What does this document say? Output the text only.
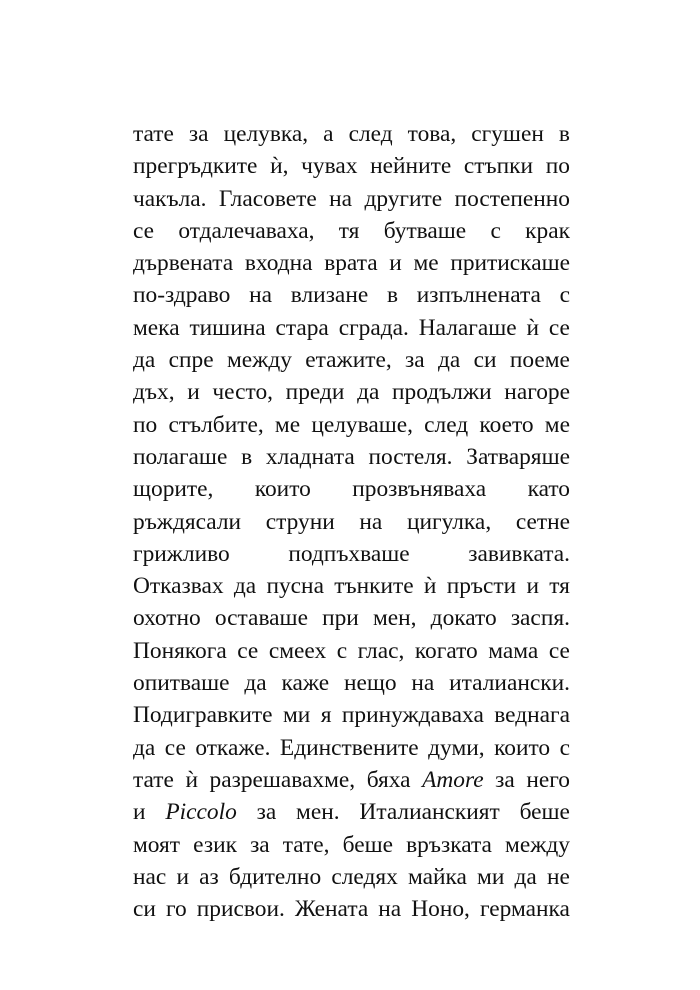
тате за целувка, а след това, сгушен в
прегръдките ѝ, чувах нейните стъпки по
чакъла. Гласовете на другите постепенно
се отдалечаваха, тя бутваше с крак
дървената входна врата и ме притискаше
по-здраво на влизане в изпълнената с
мека тишина стара сграда. Налагаше ѝ се
да спре между етажите, за да си поеме
дъх, и често, преди да продължи нагоре
по стълбите, ме целуваше, след което ме
полагаше в хладната постеля. Затваряше
щорите, които прозвъняваха като
ръждясали струни на цигулка, сетне
грижливо	подпъхваше	завивката.
Отказвах да пусна тънките ѝ пръсти и тя
охотно оставаше при мен, докато заспя.
Понякога се смеех с глас, когато мама се
опитваше да каже нещо на италиански.
Подигравките ми я принуждаваха веднага
да се откаже. Единствените думи, които с
тате ѝ разрешавахме, бяха Amore за него
и Piccolo за мен. Италианският беше
моят език за тате, беше връзката между
нас и аз бдително следях майка ми да не
си го присвои. Жената на Ноно, германка
